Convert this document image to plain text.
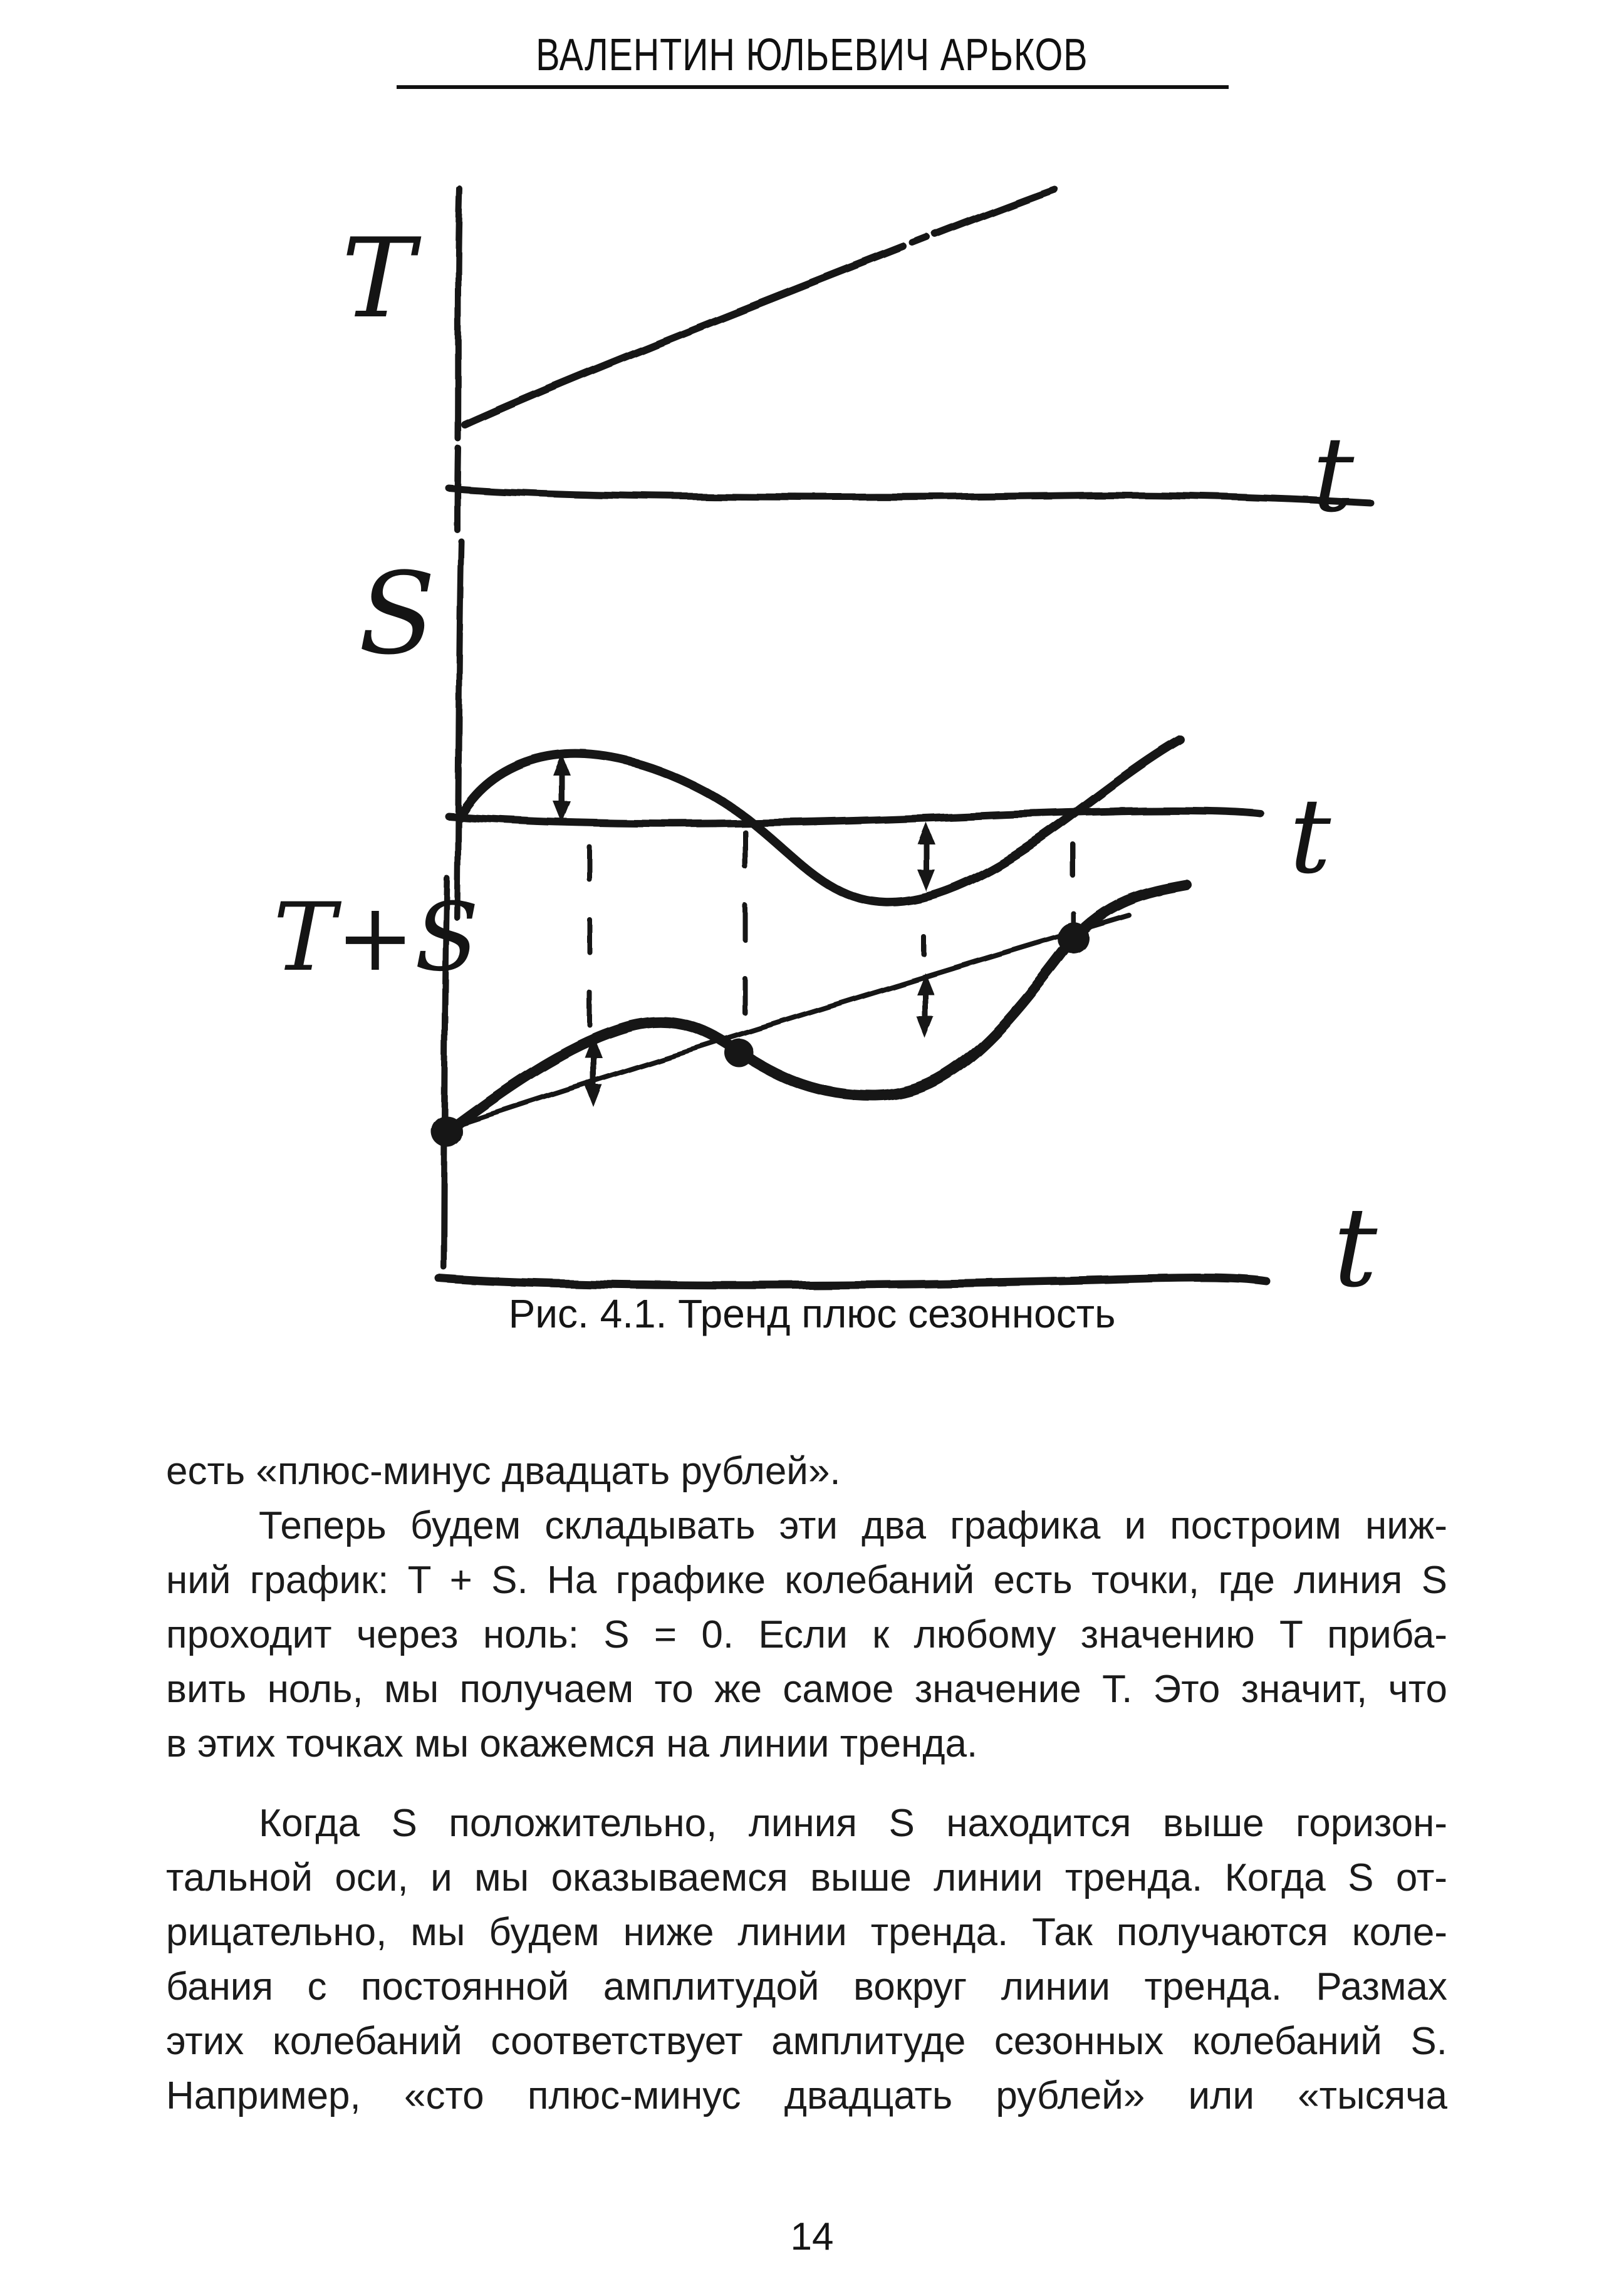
ВАЛЕНТИН ЮЛЬЕВИЧ АРЬКОВ
T
t
S
t
T+S
t
Рис. 4.1. Тренд плюс сезонность
есть «плюс-минус двадцать рублей».
Теперь будем складывать эти два графика и построим ниж-
ний график: T + S. На графике колебаний есть точки, где линия S
проходит через ноль: S = 0. Если к любому значению T приба-
вить ноль, мы получаем то же самое значение T. Это значит, что
в этих точках мы окажемся на линии тренда.
Когда S положительно, линия S находится выше горизон-
тальной оси, и мы оказываемся выше линии тренда. Когда S от-
рицательно, мы будем ниже линии тренда. Так получаются коле-
бания с постоянной амплитудой вокруг линии тренда. Размах
этих колебаний соответствует амплитуде сезонных колебаний S.
Например, «сто плюс-минус двадцать рублей» или «тысяча
14
